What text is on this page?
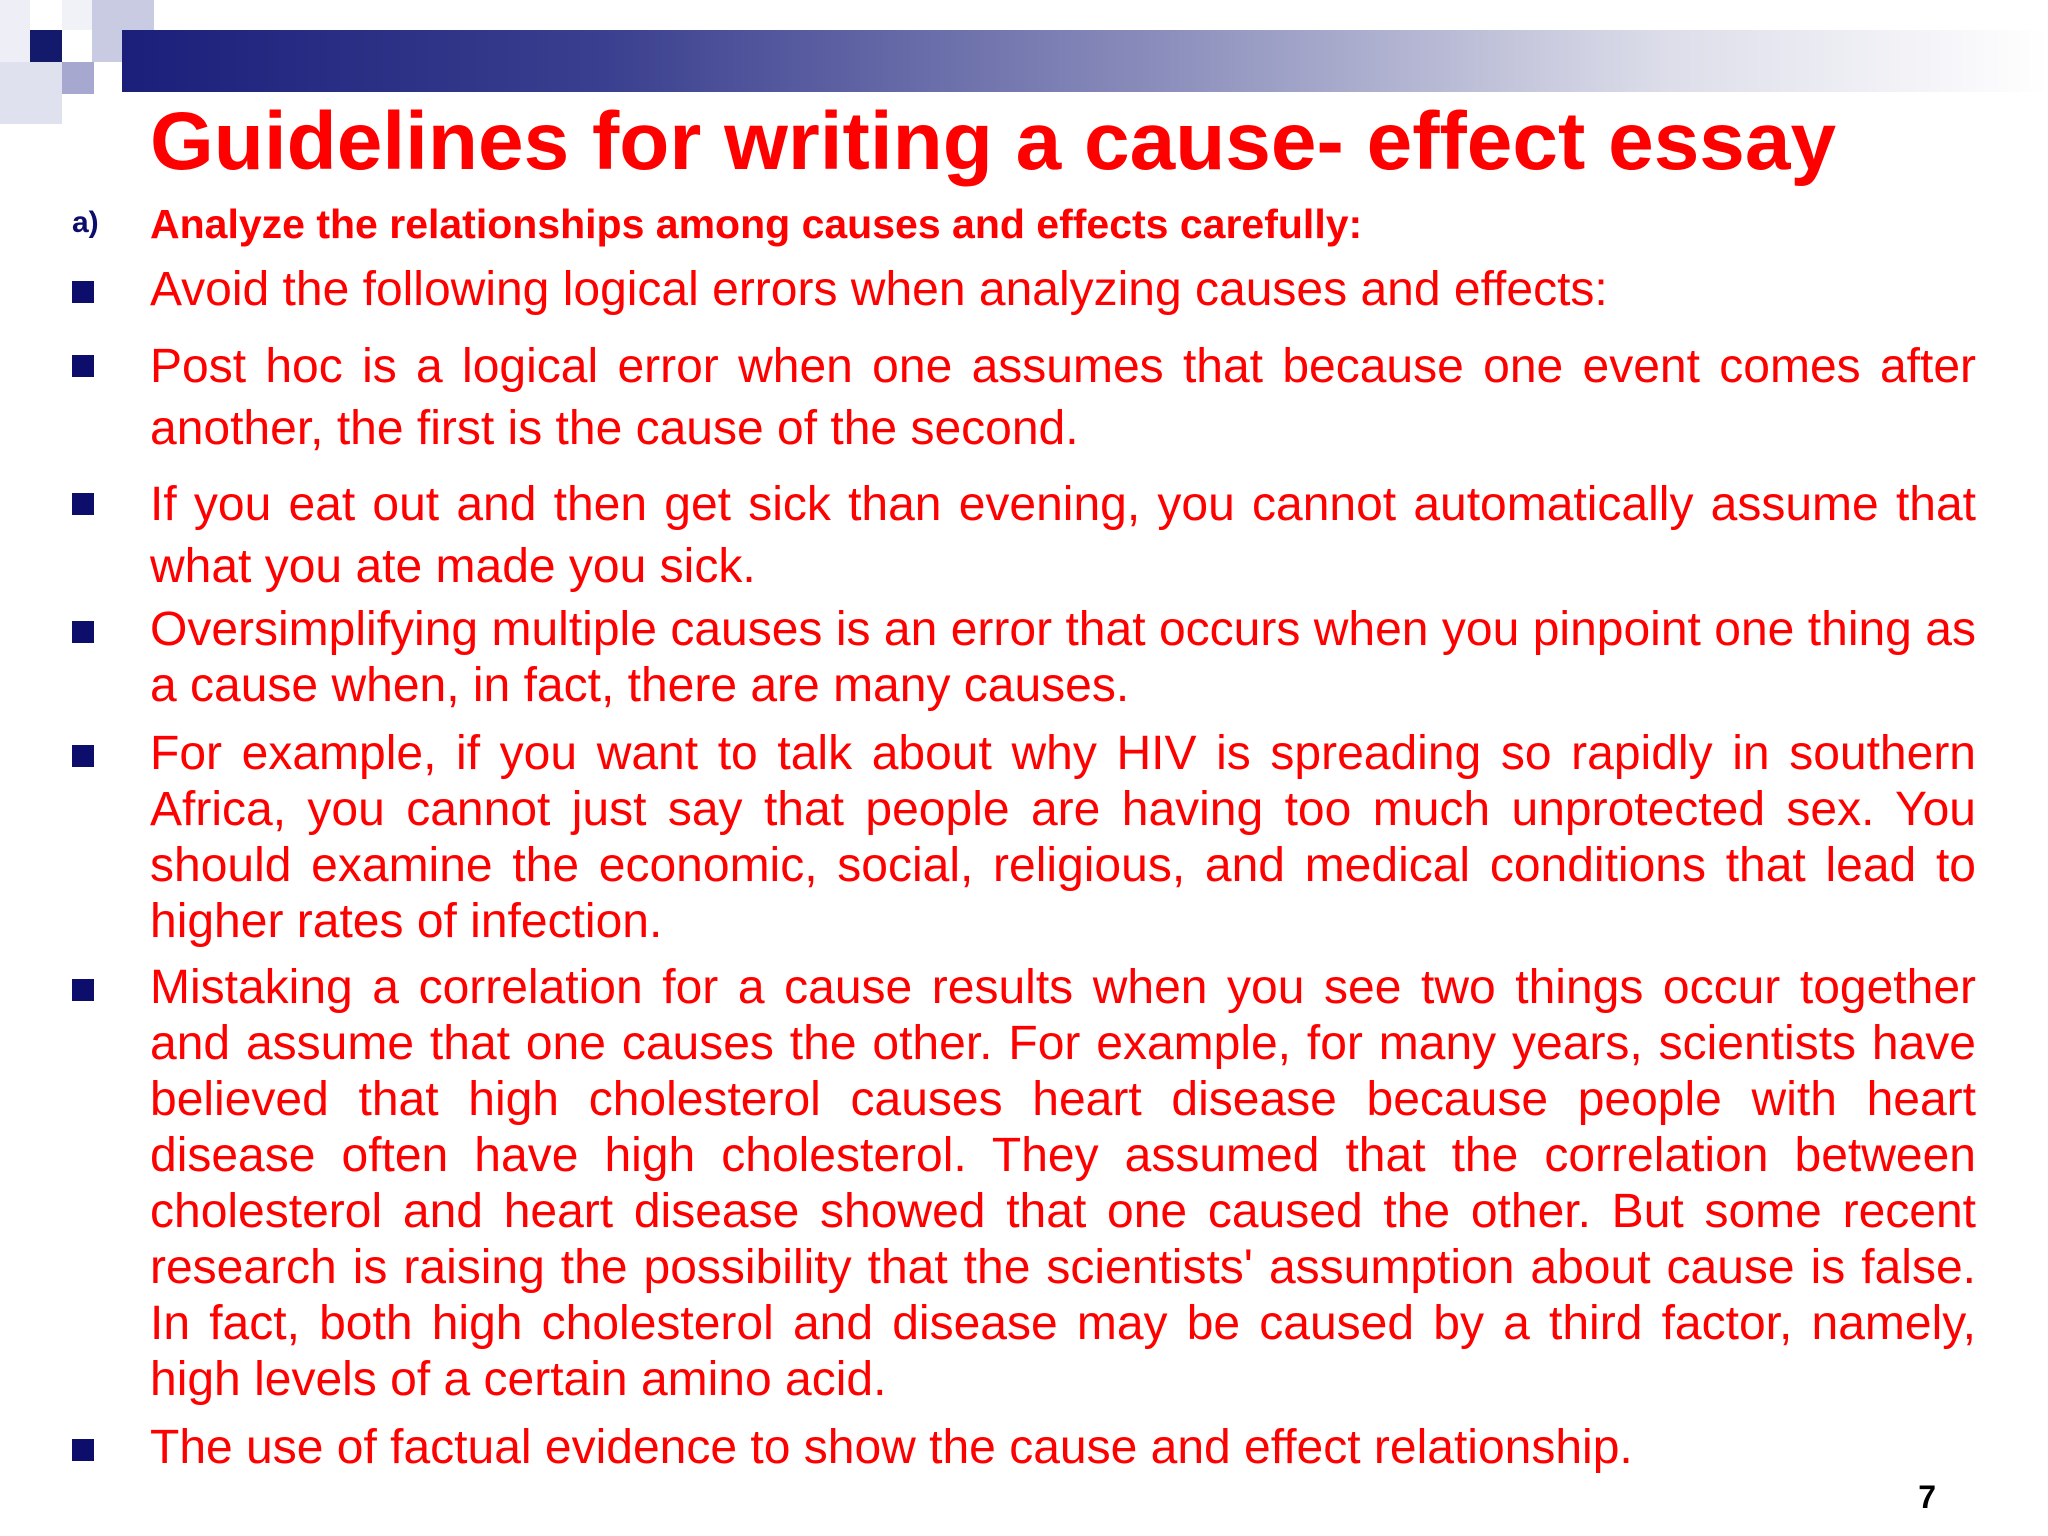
Guidelines for writing a cause- effect essay
a) Analyze the relationships among causes and effects carefully:
Avoid the following logical errors when analyzing causes and effects:
Post hoc is a logical error when one assumes that because one event comes after another, the first is the cause of the second.
If you eat out and then get sick than evening, you cannot automatically assume that what you ate made you sick.
Oversimplifying multiple causes is an error that occurs when you pinpoint one thing as a cause when, in fact, there are many causes.
For example, if you want to talk about why HIV is spreading so rapidly in southern Africa, you cannot just say that people are having too much unprotected sex. You should examine the economic, social, religious, and medical conditions that lead to higher rates of infection.
Mistaking a correlation for a cause results when you see two things occur together and assume that one causes the other. For example, for many years, scientists have believed that high cholesterol causes heart disease because people with heart disease often have high cholesterol. They assumed that the correlation between cholesterol and heart disease showed that one caused the other. But some recent research is raising the possibility that the scientists' assumption about cause is false. In fact, both high cholesterol and disease may be caused by a third factor, namely, high levels of a certain amino acid.
The use of factual evidence to show the cause and effect relationship.
7
